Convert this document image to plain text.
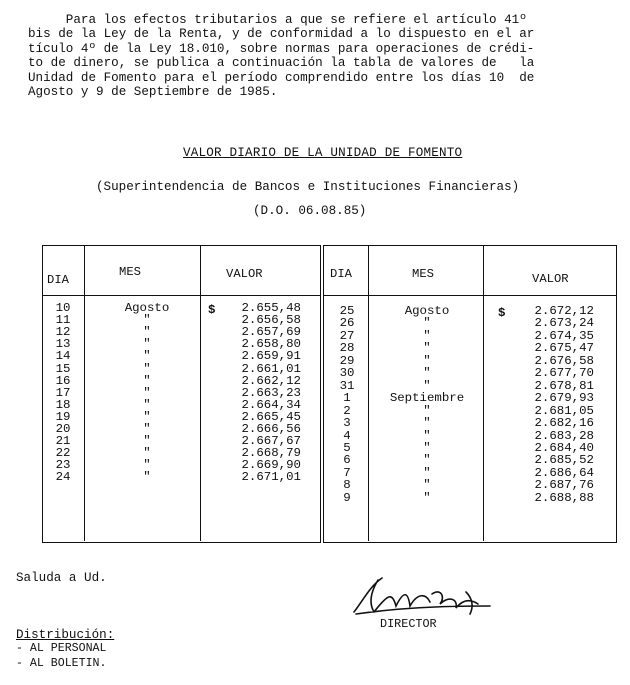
Para los efectos tributarios a que se refiere el artículo 41º

bis de la Ley de la Renta, y de conformidad a lo dispuesto en el ar

tículo 4º de la Ley 18.010, sobre normas para operaciones de crédi-

to de dinero, se publica a continuación la tabla de valores de   la

Unidad de Fomento para el período comprendido entre los días 10  de

Agosto y 9 de Septiembre de 1985.

VALOR DIARIO DE LA UNIDAD DE FOMENTO
(Superintendencia de Bancos e Instituciones Financieras)
(D.O. 06.08.85)
DIA
MES	VALOR	DIA	MES	VALOR
$	$
10	Agosto	2.655,48
11	"	2.656,58
12	"	2.657,69
13	"	2.658,80
14	"	2.659,91
15	"	2.661,01
16	"	2.662,12
17	"	2.663,23
18	"	2.664,34
19	"	2.665,45
20	"	2.666,56
21	"	2.667,67
22	"	2.668,79
23	"	2.669,90
24	"	2.671,01
25	Agosto	2.672,12
26	"	2.673,24
27	"	2.674,35
28	"	2.675,47
29	"	2.676,58
30	"	2.677,70
31	"	2.678,81
1	Septiembre	2.679,93
2	"	2.681,05
3	"	2.682,16
4	"	2.683,28
5	"	2.684,40
6	"	2.685,52
7	"	2.686,64
8	"	2.687,76
9	"	2.688,88
Saluda a Ud.
DIRECTOR
Distribución:
- AL PERSONAL
- AL BOLETIN.
